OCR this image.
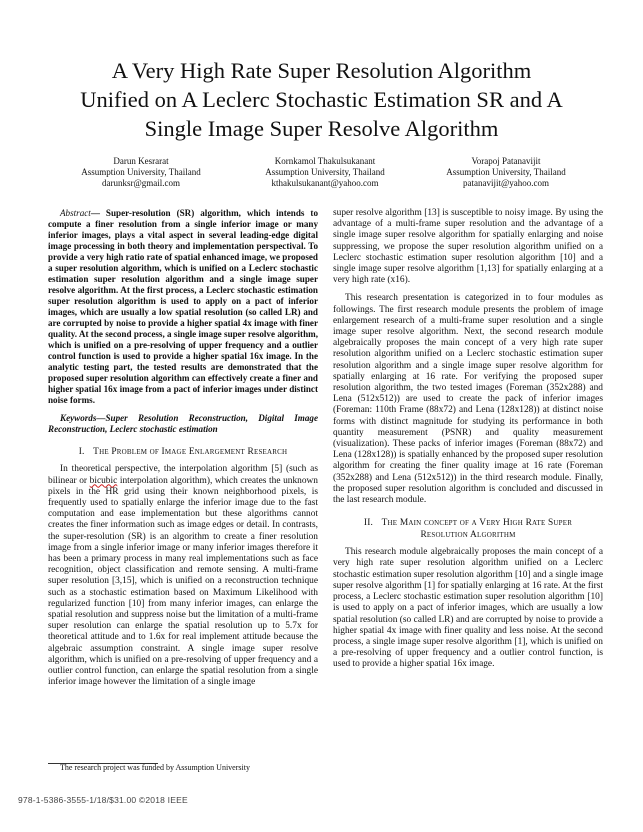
A Very High Rate Super Resolution Algorithm
Unified on A Leclerc Stochastic Estimation SR and A
Single Image Super Resolve Algorithm
Darun Kesrarat
Assumption University, Thailand
darunksr@gmail.com
Kornkamol Thakulsukanant
Assumption University, Thailand
kthakulsukanant@yahoo.com
Vorapoj Patanavijit
Assumption University, Thailand
patanavijit@yahoo.com

Abstract— Super-resolution (SR) algorithm, which intends to compute a finer resolution from a single inferior image or many inferior images, plays a vital aspect in several leading-edge digital image processing in both theory and implementation perspectival. To provide a very high ratio rate of spatial enhanced image, we proposed a super resolution algorithm, which is unified on a Leclerc stochastic estimation super resolution algorithm and a single image super resolve algorithm. At the first process, a Leclerc stochastic estimation super resolution algorithm is used to apply on a pact of inferior images, which are usually a low spatial resolution (so called LR) and are corrupted by noise to provide a higher spatial 4x image with finer quality. At the second process, a single image super resolve algorithm, which is unified on a pre-resolving of upper frequency and a outlier control function is used to provide a higher spatial 16x image. In the analytic testing part, the tested results are demonstrated that the proposed super resolution algorithm can effectively create a finer and higher spatial 16x image from a pact of inferior images under distinct noise forms.

Keywords—Super Resolution Reconstruction, Digital Image Reconstruction, Leclerc stochastic estimation

I. The Problem of Image Enlargement Research

In theoretical perspective, the interpolation algorithm [5] (such as bilinear or bicubic interpolation algorithm), which creates the unknown pixels in the HR grid using their known neighborhood pixels, is frequently used to spatially enlarge the inferior image due to the fast computation and ease implementation but these algorithms cannot creates the finer information such as image edges or detail. In contrasts, the super-resolution (SR) is an algorithm to create a finer resolution image from a single inferior image or many inferior images therefore it has been a primary process in many real implementations such as face recognition, object classification and remote sensing. A multi-frame super resolution [3,15], which is unified on a reconstruction technique such as a stochastic estimation based on Maximum Likelihood with regularized function [10] from many inferior images, can enlarge the spatial resolution and suppress noise but the limitation of a multi-frame super resolution can enlarge the spatial resolution up to 5.7x for theoretical attitude and to 1.6x for real implement attitude because the algebraic assumption constraint. A single image super resolve algorithm, which is unified on a pre-resolving of upper frequency and a outlier control function, can enlarge the spatial resolution from a single inferior image however the limitation of a single image

super resolve algorithm [13] is susceptible to noisy image. By using the advantage of a multi-frame super resolution and the advantage of a single image super resolve algorithm for spatially enlarging and noise suppressing, we propose the super resolution algorithm unified on a Leclerc stochastic estimation super resolution algorithm [10] and a single image super resolve algorithm [1,13] for spatially enlarging at a very high rate (x16).

This research presentation is categorized in to four modules as followings. The first research module presents the problem of image enlargement research of a multi-frame super resolution and a single image super resolve algorithm. Next, the second research module algebraically proposes the main concept of a very high rate super resolution algorithm unified on a Leclerc stochastic estimation super resolution algorithm and a single image super resolve algorithm for spatially enlarging at 16 rate. For verifying the proposed super resolution algorithm, the two tested images (Foreman (352x288) and Lena (512x512)) are used to create the pack of inferior images (Foreman: 110th Frame (88x72) and Lena (128x128)) at distinct noise forms with distinct magnitude for studying its performance in both quantity measurement (PSNR) and quality measurement (visualization). These packs of inferior images (Foreman (88x72) and Lena (128x128)) is spatially enhanced by the proposed super resolution algorithm for creating the finer quality image at 16 rate (Foreman (352x288) and Lena (512x512)) in the third research module. Finally, the proposed super resolution algorithm is concluded and discussed in the last research module.

II. The Main concept of a Very High Rate Super
Resolution Algorithm

This research module algebraically proposes the main concept of a very high rate super resolution algorithm unified on a Leclerc stochastic estimation super resolution algorithm [10] and a single image super resolve algorithm [1] for spatially enlarging at 16 rate. At the first process, a Leclerc stochastic estimation super resolution algorithm [10] is used to apply on a pact of inferior images, which are usually a low spatial resolution (so called LR) and are corrupted by noise to provide a higher spatial 4x image with finer quality and less noise. At the second process, a single image super resolve algorithm [1], which is unified on a pre-resolving of upper frequency and a outlier control function, is used to provide a higher spatial 16x image.

The research project was funded by Assumption University
978-1-5386-3555-1/18/$31.00 ©2018 IEEE
